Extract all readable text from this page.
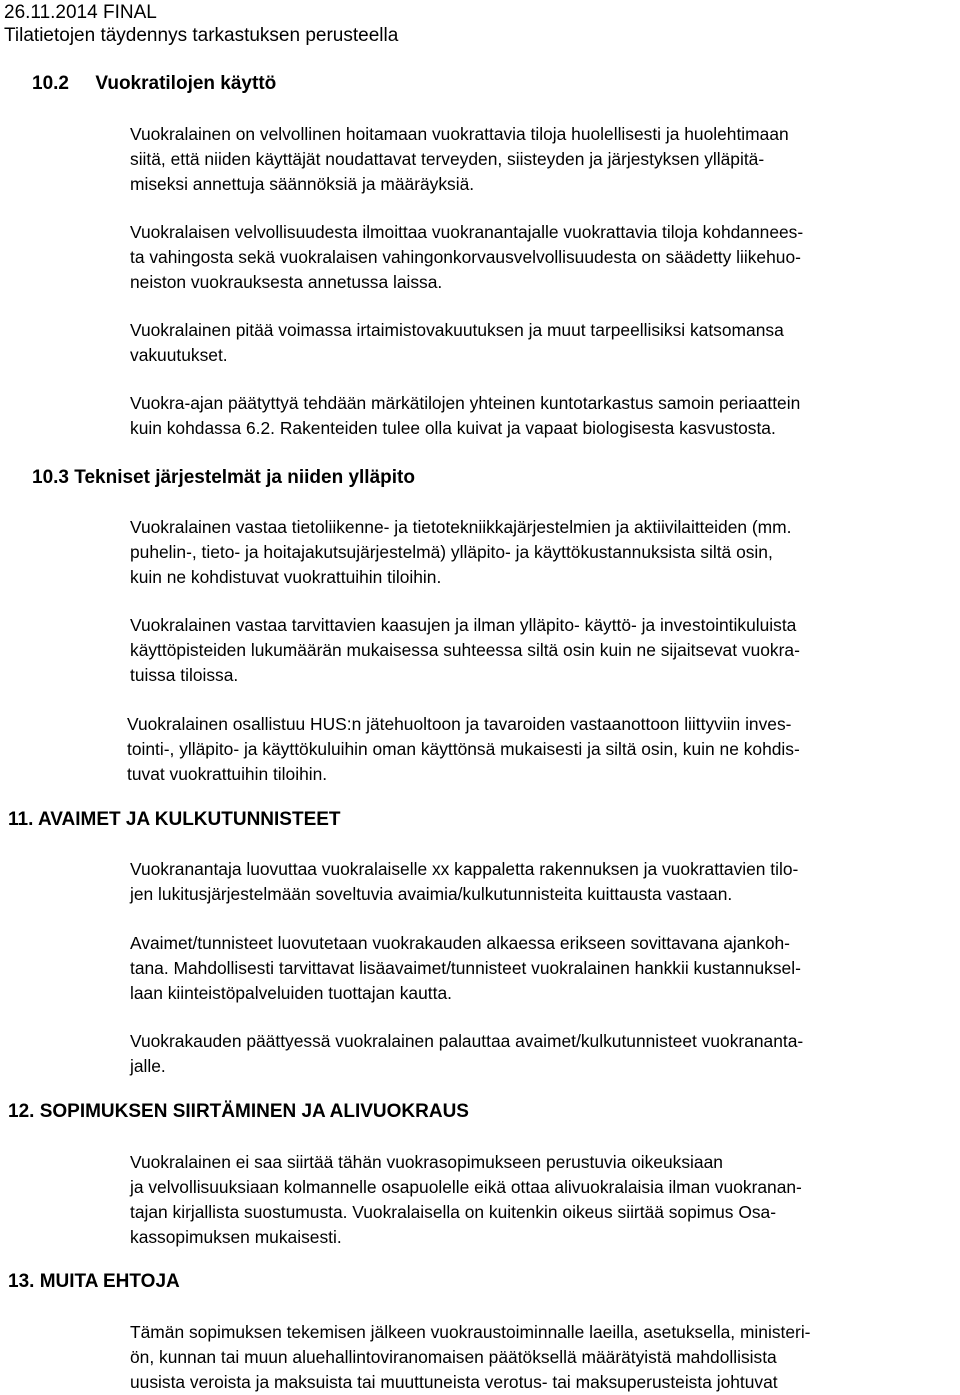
26.11.2014 FINAL
Tilatietojen täydennys tarkastuksen perusteella
10.2     Vuokratilojen käyttö
Vuokralainen on velvollinen hoitamaan vuokrattavia tiloja huolellisesti ja huolehtimaan
siitä, että niiden käyttäjät noudattavat terveyden, siisteyden ja järjestyksen ylläpitä-
miseksi annettuja säännöksiä ja määräyksiä.
Vuokralaisen velvollisuudesta ilmoittaa vuokranantajalle vuokrattavia tiloja kohdannees-
ta vahingosta sekä vuokralaisen vahingonkorvausvelvollisuudesta on säädetty liikehuo-
neiston vuokrauksesta annetussa laissa.
Vuokralainen pitää voimassa irtaimistovakuutuksen ja muut tarpeellisiksi katsomansa
vakuutukset.
Vuokra-ajan päätyttyä tehdään märkätilojen yhteinen kuntotarkastus samoin periaattein
kuin kohdassa 6.2. Rakenteiden tulee olla kuivat ja vapaat biologisesta kasvustosta.
10.3 Tekniset järjestelmät ja niiden ylläpito
Vuokralainen vastaa tietoliikenne- ja tietotekniikkajärjestelmien ja aktiivilaitteiden (mm.
puhelin-, tieto- ja hoitajakutsujärjestelmä) ylläpito- ja käyttökustannuksista siltä osin,
kuin ne kohdistuvat vuokrattuihin tiloihin.
Vuokralainen vastaa tarvittavien kaasujen ja ilman ylläpito- käyttö- ja investointikuluista
käyttöpisteiden lukumäärän mukaisessa suhteessa siltä osin kuin ne sijaitsevat vuokra-
tuissa tiloissa.
Vuokralainen osallistuu HUS:n jätehuoltoon ja tavaroiden vastaanottoon liittyviin inves-
tointi-, ylläpito- ja käyttökuluihin oman käyttönsä mukaisesti ja siltä osin, kuin ne kohdis-
tuvat vuokrattuihin tiloihin.
11. AVAIMET JA KULKUTUNNISTEET
Vuokranantaja luovuttaa vuokralaiselle xx kappaletta rakennuksen ja vuokrattavien tilo-
jen lukitusjärjestelmään soveltuvia avaimia/kulkutunnisteita kuittausta vastaan.
Avaimet/tunnisteet luovutetaan vuokrakauden alkaessa erikseen sovittavana ajankoh-
tana. Mahdollisesti tarvittavat lisäavaimet/tunnisteet vuokralainen hankkii kustannuksel-
laan kiinteistöpalveluiden tuottajan kautta.
Vuokrakauden päättyessä vuokralainen palauttaa avaimet/kulkutunnisteet vuokrananta-
jalle.
12. SOPIMUKSEN SIIRTÄMINEN JA ALIVUOKRAUS
Vuokralainen ei saa siirtää tähän vuokrasopimukseen perustuvia oikeuksiaan
ja velvollisuuksiaan kolmannelle osapuolelle eikä ottaa alivuokralaisia ilman vuokranan-
tajan kirjallista suostumusta. Vuokralaisella on kuitenkin oikeus siirtää sopimus Osa-
kassopimuksen mukaisesti.
13. MUITA EHTOJA
Tämän sopimuksen tekemisen jälkeen vuokraustoiminnalle laeilla, asetuksella, ministeri-
ön, kunnan tai muun aluehallintoviranomaisen päätöksellä määrätyistä mahdollisista
uusista veroista ja maksuista tai muuttuneista verotus- tai maksuperusteista johtuvat
